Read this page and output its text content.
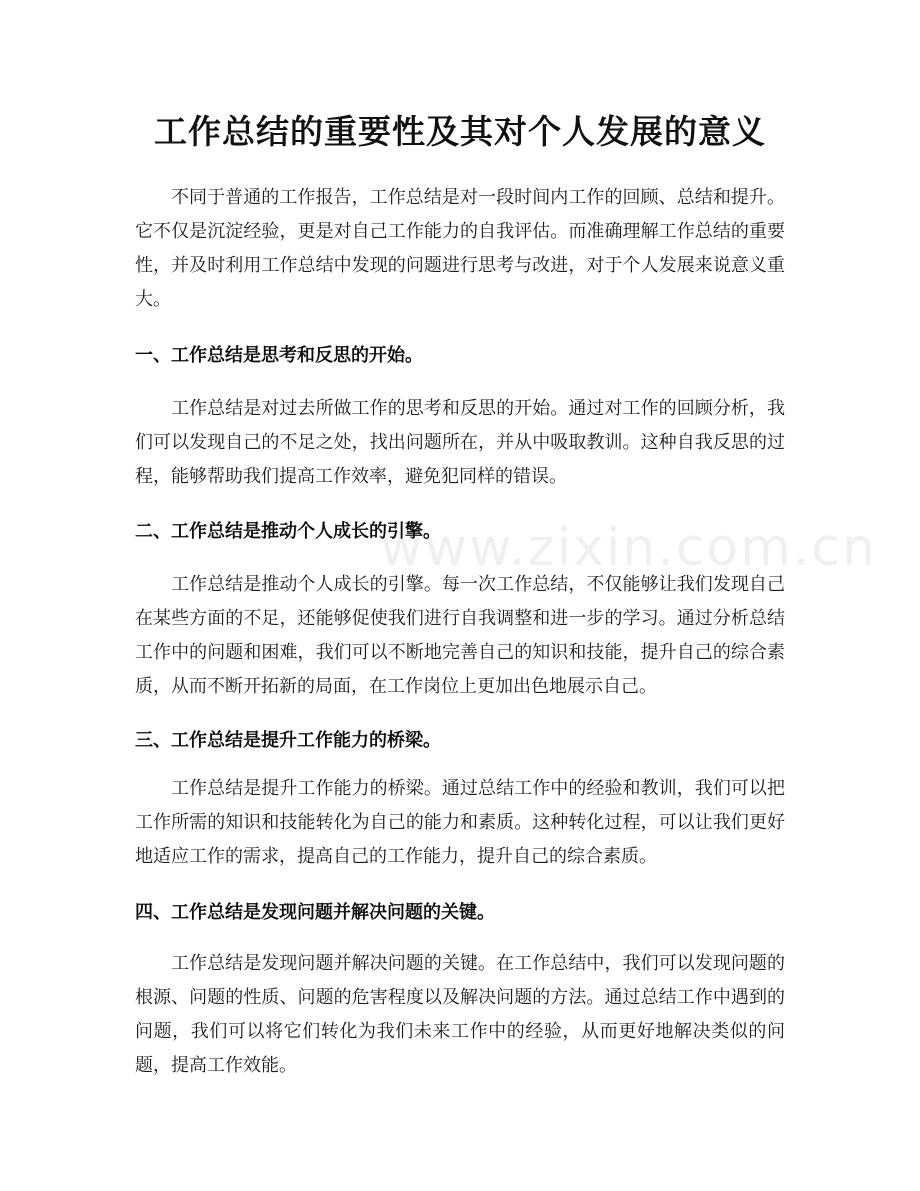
www.zixin.com.cn
工作总结的重要性及其对个人发展的意义

不同于普通的工作报告，工作总结是对一段时间内工作的回顾、总结和提升。它不仅是沉淀经验，更是对自己工作能力的自我评估。而准确理解工作总结的重要性，并及时利用工作总结中发现的问题进行思考与改进，对于个人发展来说意义重大。

一、工作总结是思考和反思的开始。

工作总结是对过去所做工作的思考和反思的开始。通过对工作的回顾分析，我们可以发现自己的不足之处，找出问题所在，并从中吸取教训。这种自我反思的过程，能够帮助我们提高工作效率，避免犯同样的错误。

二、工作总结是推动个人成长的引擎。

工作总结是推动个人成长的引擎。每一次工作总结，不仅能够让我们发现自己在某些方面的不足，还能够促使我们进行自我调整和进一步的学习。通过分析总结工作中的问题和困难，我们可以不断地完善自己的知识和技能，提升自己的综合素质，从而不断开拓新的局面，在工作岗位上更加出色地展示自己。

三、工作总结是提升工作能力的桥梁。

工作总结是提升工作能力的桥梁。通过总结工作中的经验和教训，我们可以把工作所需的知识和技能转化为自己的能力和素质。这种转化过程，可以让我们更好地适应工作的需求，提高自己的工作能力，提升自己的综合素质。

四、工作总结是发现问题并解决问题的关键。

工作总结是发现问题并解决问题的关键。在工作总结中，我们可以发现问题的根源、问题的性质、问题的危害程度以及解决问题的方法。通过总结工作中遇到的问题，我们可以将它们转化为我们未来工作中的经验，从而更好地解决类似的问题，提高工作效能。
